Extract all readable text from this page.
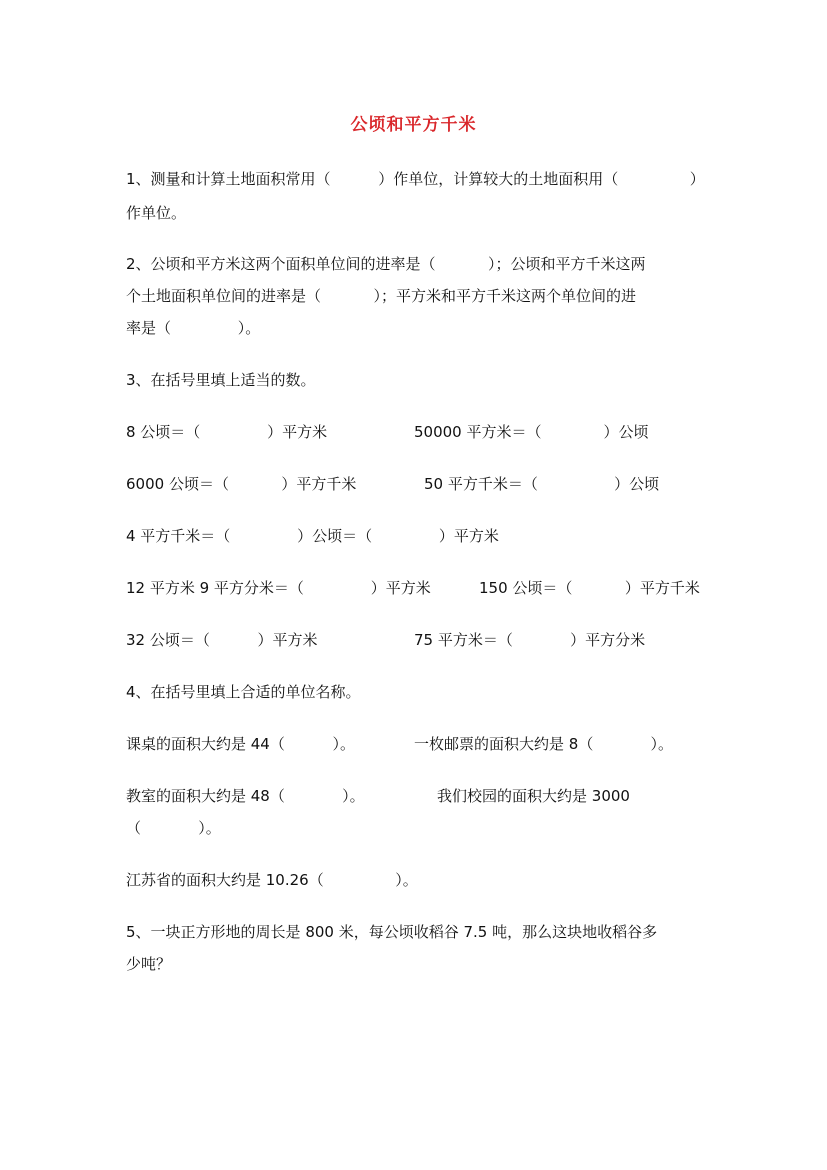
公顷和平方千米
1、测量和计算土地面积常用（          ）作单位，计算较大的土地面积用（               ）
作单位。
2、公顷和平方米这两个面积单位间的进率是（           ）；公顷和平方千米这两
个土地面积单位间的进率是（           ）；平方米和平方千米这两个单位间的进
率是（              ）。
3、在括号里填上适当的数。
8 公顷＝（              ）平方米	50000 平方米＝（             ）公顷
6000 公顷＝（           ）平方千米	50 平方千米＝（                ）公顷
4 平方千米＝（              ）公顷＝（              ）平方米
12 平方米 9 平方分米＝（              ）平方米	150 公顷＝（           ）平方千米
32 公顷＝（          ）平方米	75 平方米＝（            ）平方分米
4、在括号里填上合适的单位名称。
课桌的面积大约是 44（          ）。	一枚邮票的面积大约是 8（            ）。
教室的面积大约是 48（            ）。	我们校园的面积大约是 3000
（            ）。
江苏省的面积大约是 10.26（               ）。
5、一块正方形地的周长是 800 米，每公顷收稻谷 7.5 吨，那么这块地收稻谷多
少吨？
